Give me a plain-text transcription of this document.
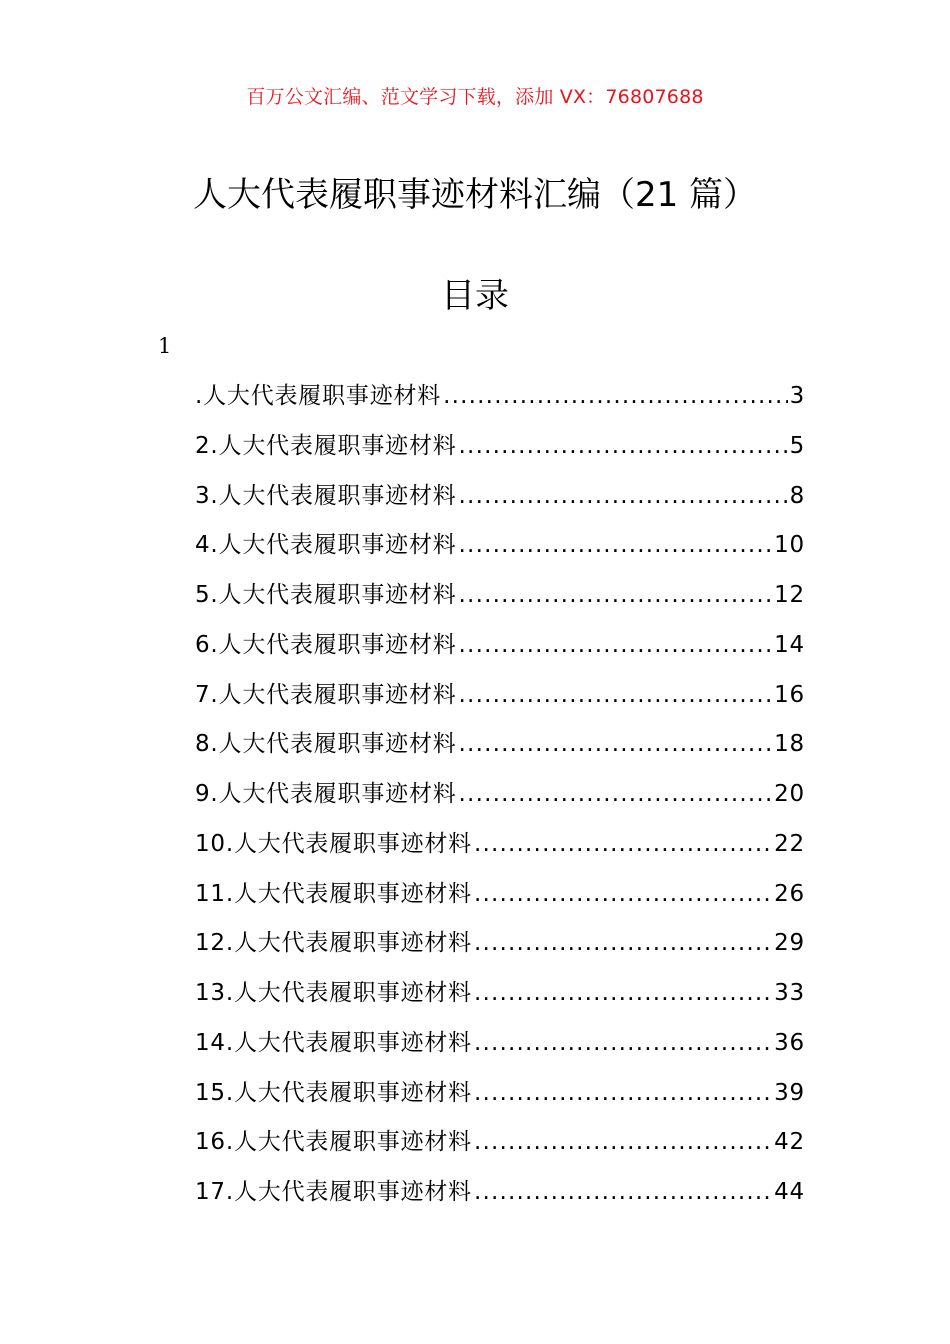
百万公文汇编、范文学习下载，添加 VX：76807688
人大代表履职事迹材料汇编（21 篇）
目录
1
.人大代表履职事迹材料 .....	3
2.人大代表履职事迹材料 .....	5
3.人大代表履职事迹材料 .....	8
4.人大代表履职事迹材料 .....	10
5.人大代表履职事迹材料 .....	12
6.人大代表履职事迹材料 .....	14
7.人大代表履职事迹材料 .....	16
8.人大代表履职事迹材料 .....	18
9.人大代表履职事迹材料 .....	20
10.人大代表履职事迹材料 .....	22
11.人大代表履职事迹材料 .....	26
12.人大代表履职事迹材料 .....	29
13.人大代表履职事迹材料 .....	33
14.人大代表履职事迹材料 .....	36
15.人大代表履职事迹材料 .....	39
16.人大代表履职事迹材料 .....	42
17.人大代表履职事迹材料 .....	44
